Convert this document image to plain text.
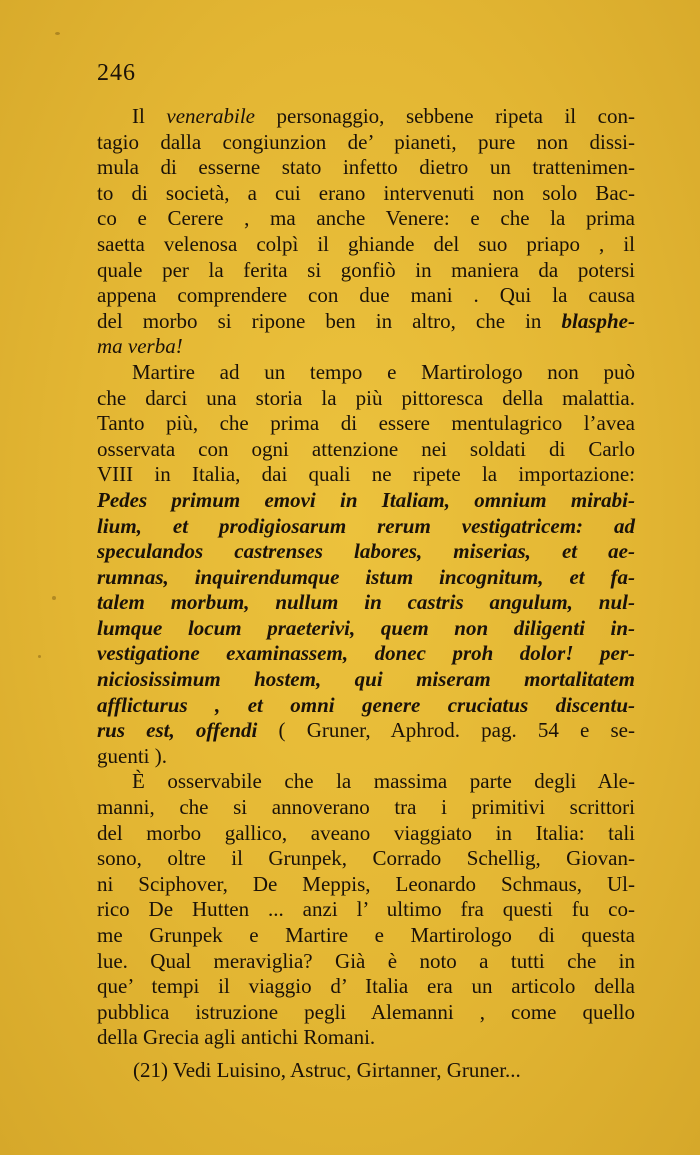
246
Il venerabile personaggio, sebbene ripeta il con-
tagio dalla congiunzion de’ pianeti, pure non dissi-
mula di esserne stato infetto dietro un trattenimen-
to di società, a cui erano intervenuti non solo Bac-
co e Cerere , ma anche Venere: e che la prima
saetta velenosa colpì il ghiande del suo priapo , il
quale per la ferita si gonfiò in maniera da potersi
appena comprendere con due mani . Qui la causa
del morbo si ripone ben in altro, che in blasphe-
ma verba!
Martire ad un tempo e Martirologo non può
che darci una storia la più pittoresca della malattia.
Tanto più, che prima di essere mentulagrico l’avea
osservata con ogni attenzione nei soldati di Carlo
VIII in Italia, dai quali ne ripete la importazione:
Pedes primum emovi in Italiam, omnium mirabi-
lium, et prodigiosarum rerum vestigatricem: ad
speculandos castrenses labores, miserias, et ae-
rumnas, inquirendumque istum incognitum, et fa-
talem morbum, nullum in castris angulum, nul-
lumque locum praeterivi, quem non diligenti in-
vestigatione examinassem, donec proh dolor! per-
niciosissimum hostem, qui miseram mortalitatem
afflicturus , et omni genere cruciatus discentu-
rus est, offendi ( Gruner, Aphrod. pag. 54 e se-
guenti ).
È osservabile che la massima parte degli Ale-
manni, che si annoverano tra i primitivi scrittori
del morbo gallico, aveano viaggiato in Italia: tali
sono, oltre il Grunpek, Corrado Schellig, Giovan-
ni Sciphover, De Meppis, Leonardo Schmaus, Ul-
rico De Hutten ... anzi l’ ultimo fra questi fu co-
me Grunpek e Martire e Martirologo di questa
lue. Qual meraviglia? Già è noto a tutti che in
que’ tempi il viaggio d’ Italia era un articolo della
pubblica istruzione pegli Alemanni , come quello
della Grecia agli antichi Romani.
(21) Vedi Luisino, Astruc, Girtanner, Gruner...
